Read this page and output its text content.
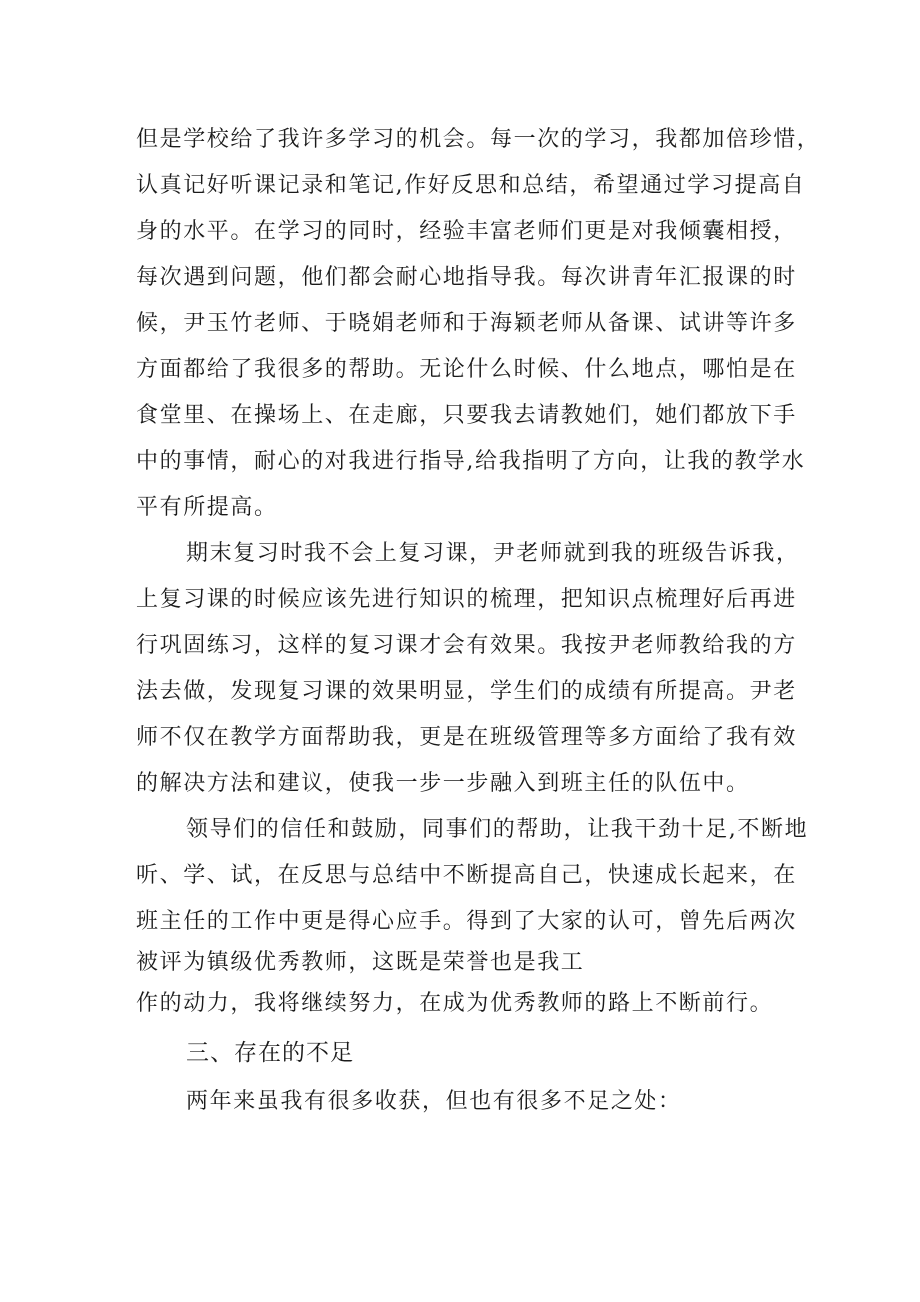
但是学校给了我许多学习的机会。每一次的学习，我都加倍珍惜，
认真记好听课记录和笔记,作好反思和总结，希望通过学习提高自
身的水平。在学习的同时，经验丰富老师们更是对我倾囊相授，
每次遇到问题，他们都会耐心地指导我。每次讲青年汇报课的时
候，尹玉竹老师、于晓娟老师和于海颖老师从备课、试讲等许多
方面都给了我很多的帮助。无论什么时候、什么地点，哪怕是在
食堂里、在操场上、在走廊，只要我去请教她们，她们都放下手
中的事情，耐心的对我进行指导,给我指明了方向，让我的教学水
平有所提高。
期末复习时我不会上复习课，尹老师就到我的班级告诉我，
上复习课的时候应该先进行知识的梳理，把知识点梳理好后再进
行巩固练习，这样的复习课才会有效果。我按尹老师教给我的方
法去做，发现复习课的效果明显，学生们的成绩有所提高。尹老
师不仅在教学方面帮助我，更是在班级管理等多方面给了我有效
的解决方法和建议，使我一步一步融入到班主任的队伍中。
领导们的信任和鼓励，同事们的帮助，让我干劲十足,不断地
听、学、试，在反思与总结中不断提高自己，快速成长起来，在
班主任的工作中更是得心应手。得到了大家的认可，曾先后两次
被评为镇级优秀教师，这既是荣誉也是我工
作的动力，我将继续努力，在成为优秀教师的路上不断前行。
三、存在的不足
两年来虽我有很多收获，但也有很多不足之处：
